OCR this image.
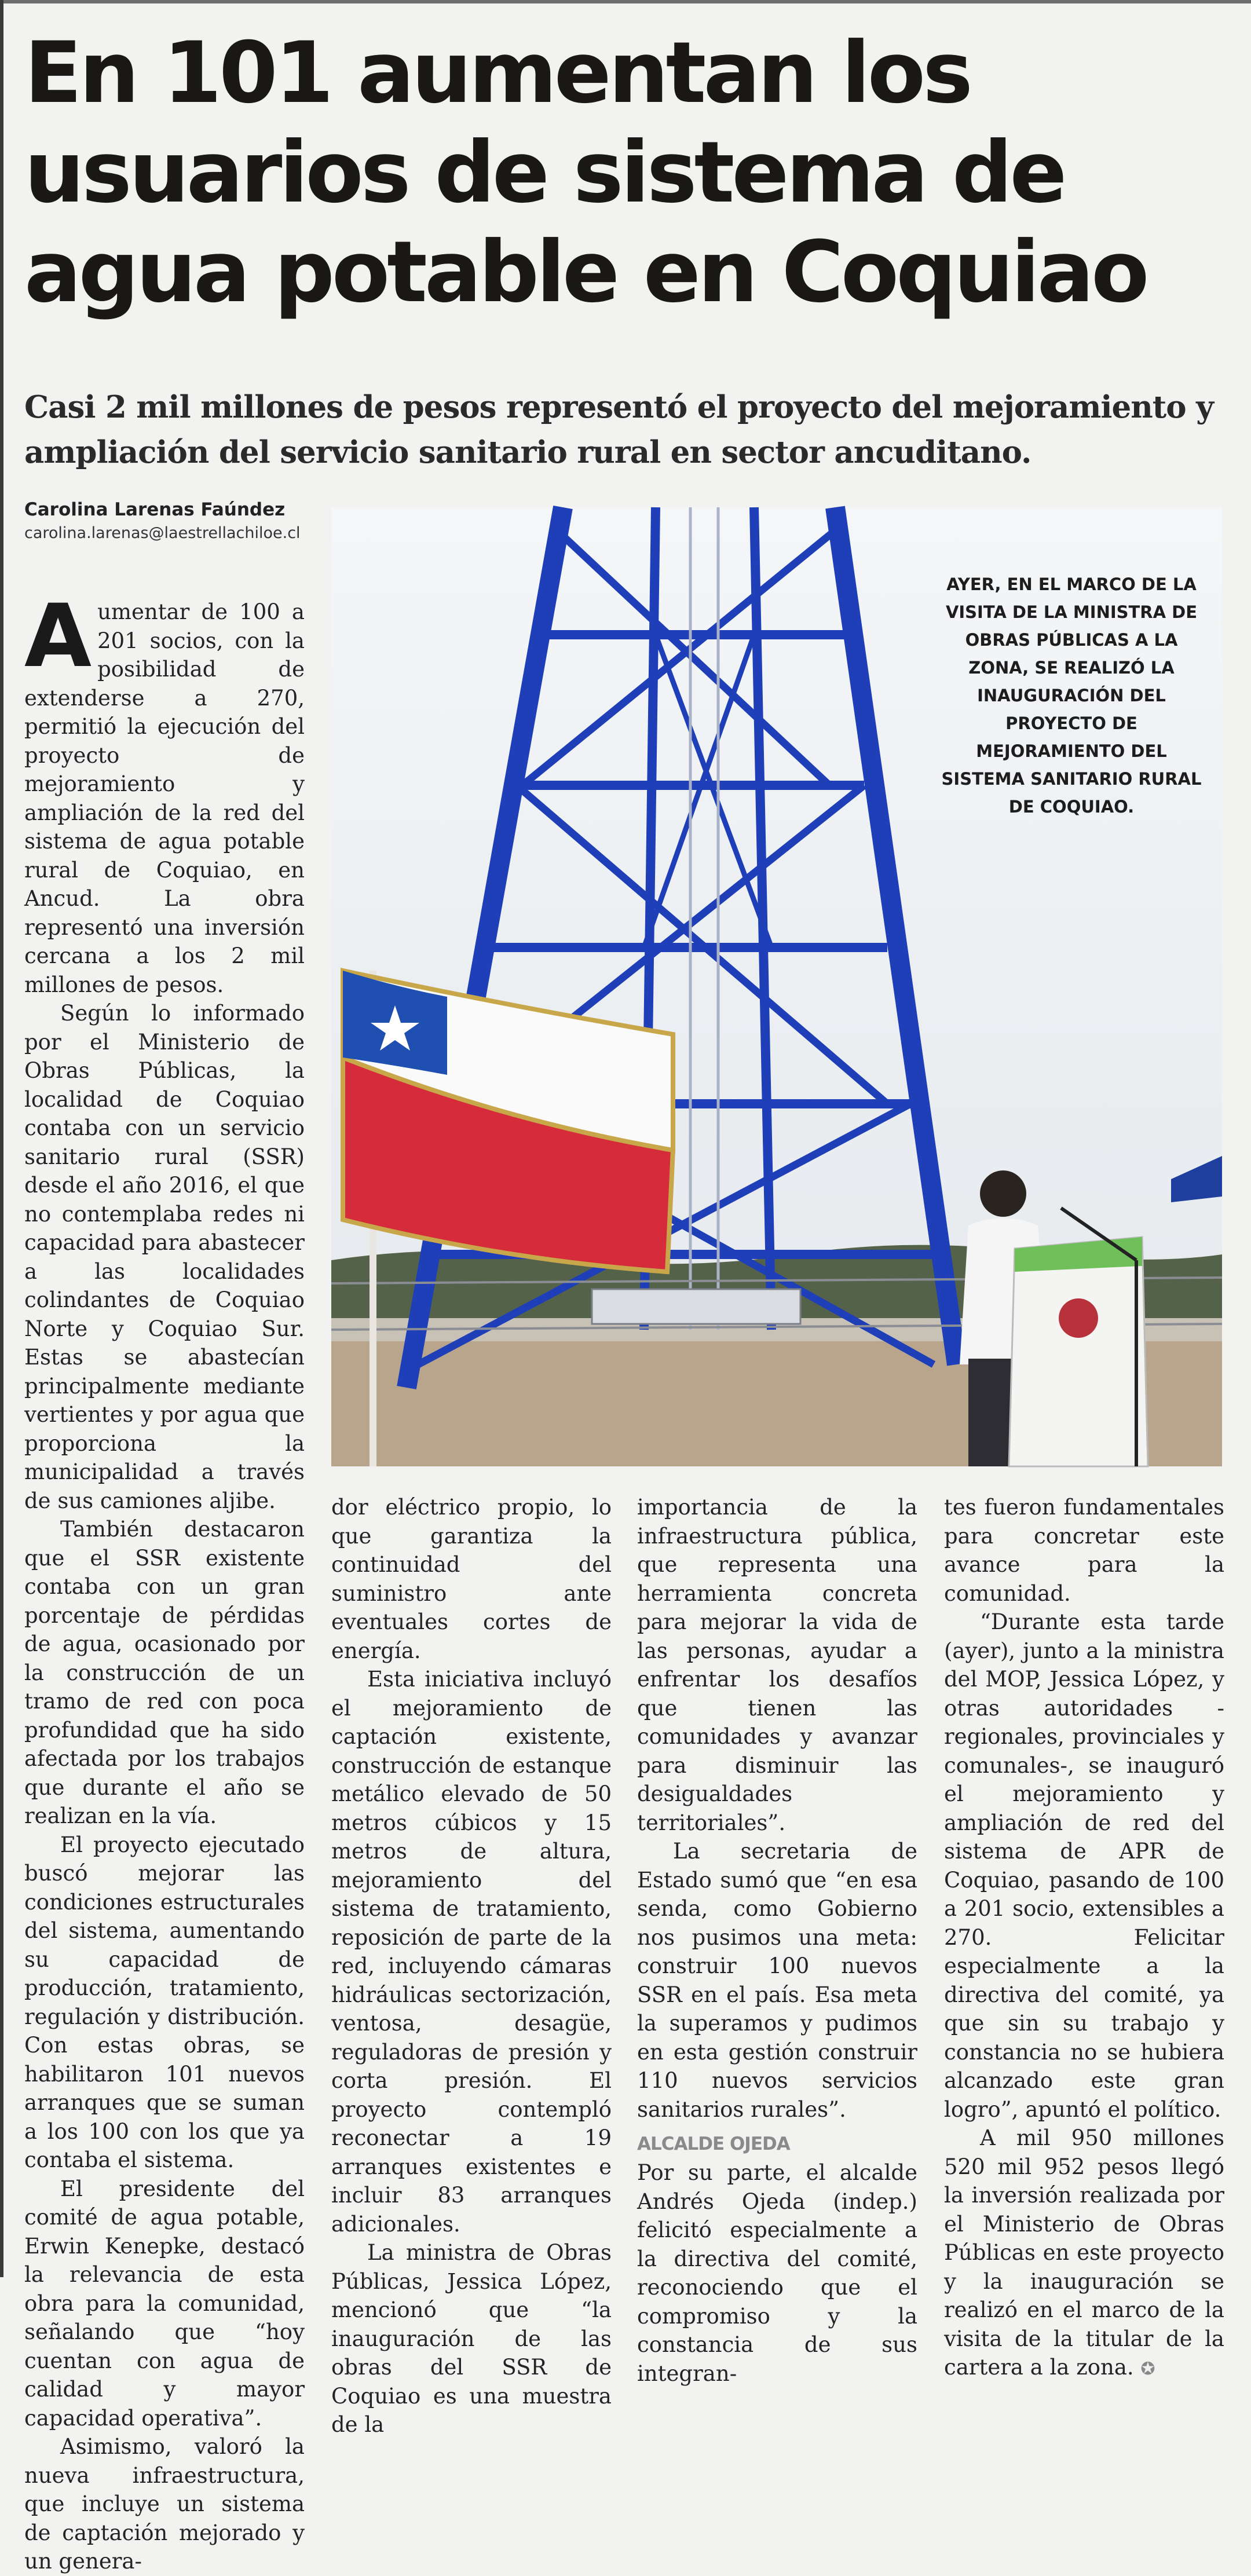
En 101 aumentan los
usuarios de sistema de
agua potable en Coquiao
Casi 2 mil millones de pesos representó el proyecto del mejoramiento y
ampliación del servicio sanitario rural en sector ancuditano.
Carolina Larenas Faúndez
carolina.larenas@laestrellachiloe.cl
AYER, EN EL MARCO DE LA VISITA DE LA MINISTRA DE OBRAS PÚBLICAS A LA ZONA, SE REALIZÓ LA INAUGURACIÓN DEL PROYECTO DE MEJORAMIENTO DEL SISTEMA SANITARIO RURAL DE COQUIAO.

Aumentar de 100 a 201 socios, con la posibilidad de extenderse a 270, permitió la ejecución del proyecto de mejoramiento y ampliación de la red del sistema de agua potable rural de Coquiao, en Ancud. La obra representó una inversión cercana a los 2 mil millones de pesos.

Según lo informado por el Ministerio de Obras Públicas, la localidad de Coquiao contaba con un servicio sanitario rural (SSR) desde el año 2016, el que no contemplaba redes ni capacidad para abastecer a las localidades colindantes de Coquiao Norte y Coquiao Sur. Estas se abastecían principalmente mediante vertientes y por agua que proporciona la municipalidad a través de sus camiones aljibe.

También destacaron que el SSR existente contaba con un gran porcentaje de pérdidas de agua, ocasionado por la construcción de un tramo de red con poca profundidad que ha sido afectada por los trabajos que durante el año se realizan en la vía.

El proyecto ejecutado buscó mejorar las condiciones estructurales del sistema, aumentando su capacidad de producción, tratamiento, regulación y distribución. Con estas obras, se habilitaron 101 nuevos arranques que se suman a los 100 con los que ya contaba el sistema.

El presidente del comité de agua potable, Erwin Kenepke, destacó la relevancia de esta obra para la comunidad, señalando que “hoy cuentan con agua de calidad y mayor capacidad operativa”.

Asimismo, valoró la nueva infraestructura, que incluye un sistema de captación mejorado y un genera-

dor eléctrico propio, lo que garantiza la continuidad del suministro ante eventuales cortes de energía.

Esta iniciativa incluyó el mejoramiento de captación existente, construcción de estanque metálico elevado de 50 metros cúbicos y 15 metros de altura, mejoramiento del sistema de tratamiento, reposición de parte de la red, incluyendo cámaras hidráulicas sectorización, ventosa, desagüe, reguladoras de presión y corta presión. El proyecto contempló reconectar a 19 arranques existentes e incluir 83 arranques adicionales.

La ministra de Obras Públicas, Jessica López, mencionó que “la inauguración de las obras del SSR de Coquiao es una muestra de la

importancia de la infraestructura pública, que representa una herramienta concreta para mejorar la vida de las personas, ayudar a enfrentar los desafíos que tienen las comunidades y avanzar para disminuir las desigualdades territoriales”.

La secretaria de Estado sumó que “en esa senda, como Gobierno nos pusimos una meta: construir 100 nuevos SSR en el país. Esa meta la superamos y pudimos en esta gestión construir 110 nuevos servicios sanitarios rurales”.

ALCALDE OJEDA

Por su parte, el alcalde Andrés Ojeda (indep.) felicitó especialmente a la directiva del comité, reconociendo que el compromiso y la constancia de sus integran-

tes fueron fundamentales para concretar este avance para la comunidad.

“Durante esta tarde (ayer), junto a la ministra del MOP, Jessica López, y otras autoridades -regionales, provinciales y comunales-, se inauguró el mejoramiento y ampliación de red del sistema de APR de Coquiao, pasando de 100 a 201 socio, extensibles a 270. Felicitar especialmente a la directiva del comité, ya que sin su trabajo y constancia no se hubiera alcanzado este gran logro”, apuntó el político.

A mil 950 millones 520 mil 952 pesos llegó la inversión realizada por el Ministerio de Obras Públicas en este proyecto y la inauguración se realizó en el marco de la visita de la titular de la cartera a la zona. ✪
